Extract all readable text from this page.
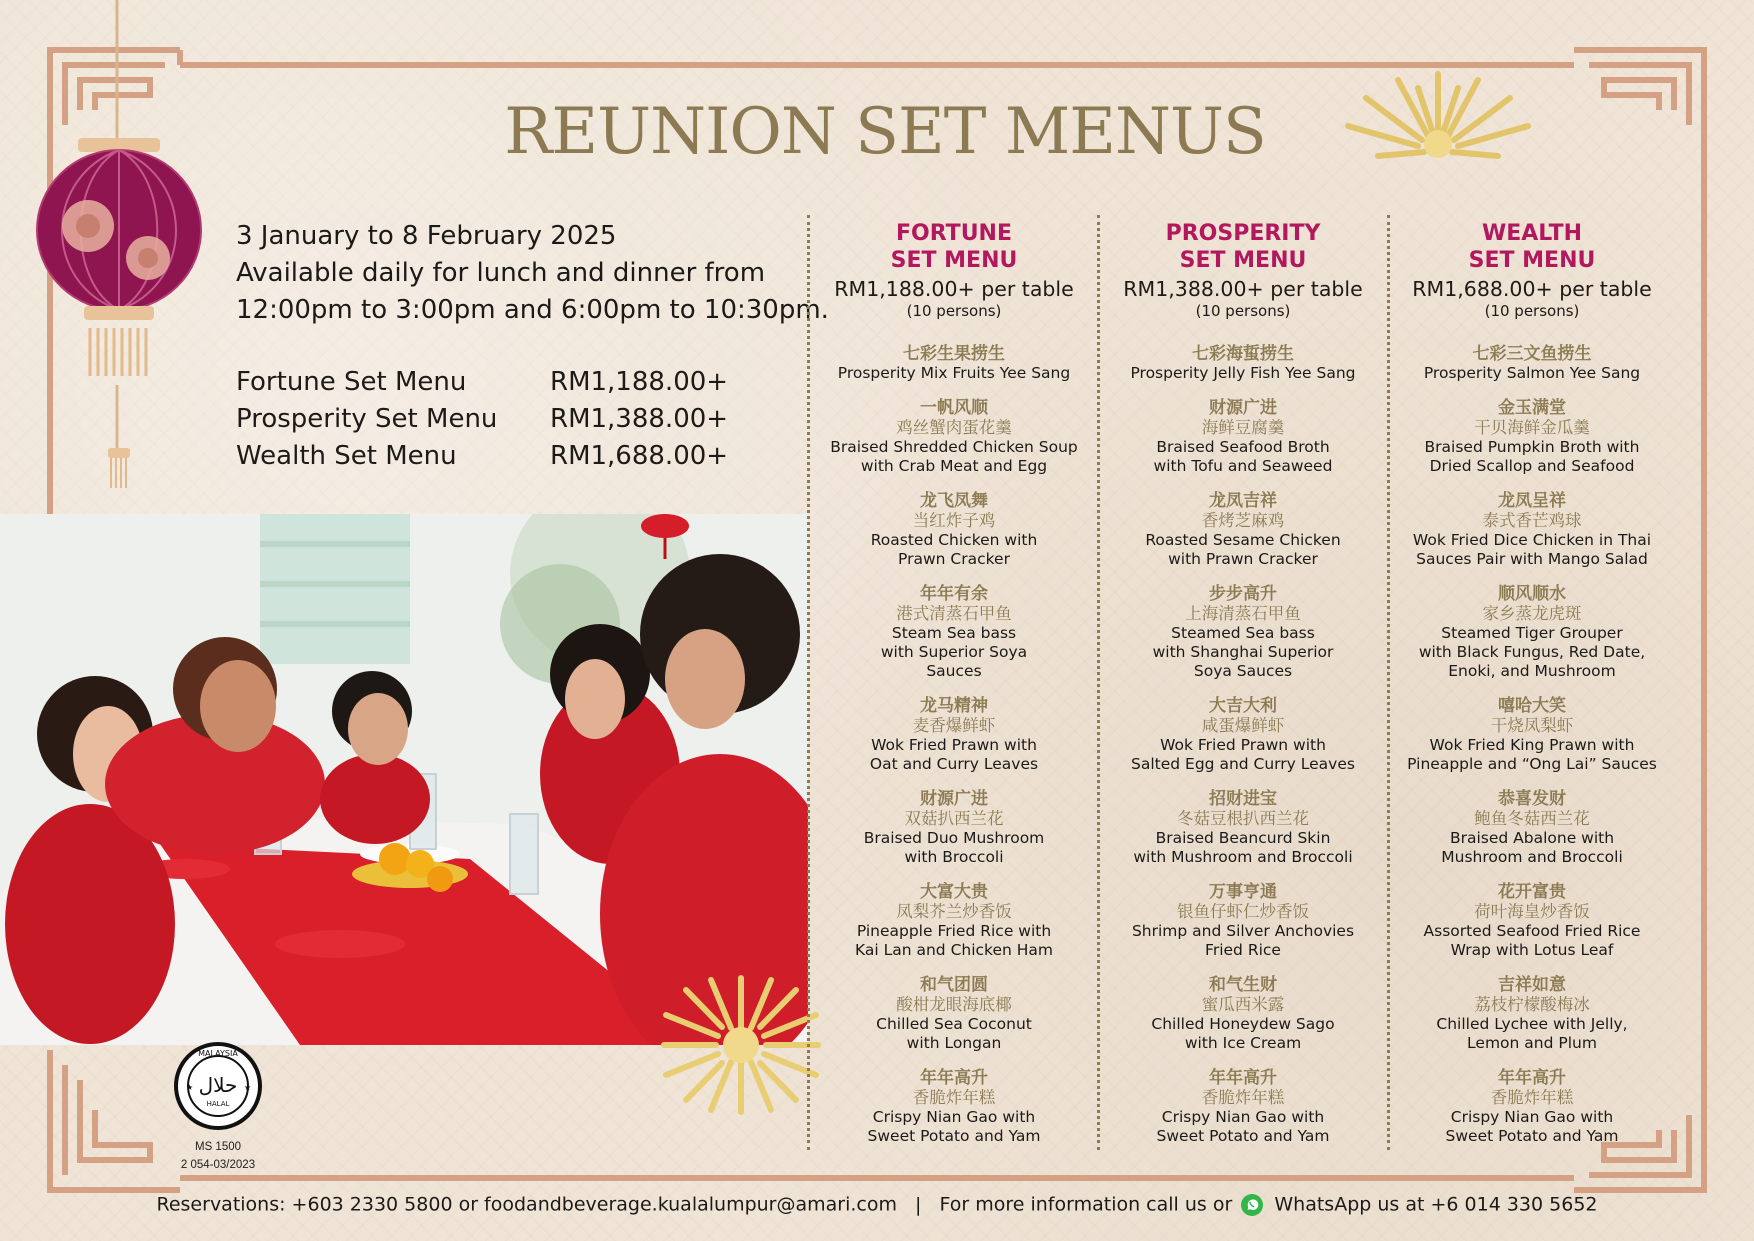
REUNION SET MENUS

3 January to 8 February 2025

Available daily for lunch and dinner from

12:00pm to 3:00pm and 6:00pm to 10:30pm.

Fortune Set Menu	RM1,188.00+
Prosperity Set Menu	RM1,388.00+
Wealth Set Menu	RM1,688.00+
FORTUNE
SET MENU
RM1,188.00+ per table
(10 persons)
七彩生果捞生
Prosperity Mix Fruits Yee Sang
一帆风顺
鸡丝蟹肉蛋花羹
Braised Shredded Chicken Soup
with Crab Meat and Egg
龙飞凤舞
当红炸子鸡
Roasted Chicken with
Prawn Cracker
年年有余
港式清蒸石甲鱼
Steam Sea bass
with Superior Soya
Sauces
龙马精神
麦香爆鲜虾
Wok Fried Prawn with
Oat and Curry Leaves
财源广进
双菇扒西兰花
Braised Duo Mushroom
with Broccoli
大富大贵
凤梨芥兰炒香饭
Pineapple Fried Rice with
Kai Lan and Chicken Ham
和气团圆
酸柑龙眼海底椰
Chilled Sea Coconut
with Longan
年年高升
香脆炸年糕
Crispy Nian Gao with
Sweet Potato and Yam
PROSPERITY
SET MENU
RM1,388.00+ per table
(10 persons)
七彩海蜇捞生
Prosperity Jelly Fish Yee Sang
财源广进
海鲜豆腐羹
Braised Seafood Broth
with Tofu and Seaweed
龙凤吉祥
香烤芝麻鸡
Roasted Sesame Chicken
with Prawn Cracker
步步高升
上海清蒸石甲鱼
Steamed Sea bass
with Shanghai Superior
Soya Sauces
大吉大利
咸蛋爆鲜虾
Wok Fried Prawn with
Salted Egg and Curry Leaves
招财进宝
冬菇豆根扒西兰花
Braised Beancurd Skin
with Mushroom and Broccoli
万事亨通
银鱼仔虾仁炒香饭
Shrimp and Silver Anchovies
Fried Rice
和气生财
蜜瓜西米露
Chilled Honeydew Sago
with Ice Cream
年年高升
香脆炸年糕
Crispy Nian Gao with
Sweet Potato and Yam
WEALTH
SET MENU
RM1,688.00+ per table
(10 persons)
七彩三文鱼捞生
Prosperity Salmon Yee Sang
金玉满堂
干贝海鲜金瓜羹
Braised Pumpkin Broth with
Dried Scallop and Seafood
龙凤呈祥
泰式香芒鸡球
Wok Fried Dice Chicken in Thai
Sauces Pair with Mango Salad
顺风顺水
家乡蒸龙虎斑
Steamed Tiger Grouper
with Black Fungus, Red Date,
Enoki, and Mushroom
嘻哈大笑
干烧凤梨虾
Wok Fried King Prawn with
Pineapple and “Ong Lai” Sauces
恭喜发财
鲍鱼冬菇西兰花
Braised Abalone with
Mushroom and Broccoli
花开富贵
荷叶海皇炒香饭
Assorted Seafood Fried Rice
Wrap with Lotus Leaf
吉祥如意
荔枝柠檬酸梅冰
Chilled Lychee with Jelly,
Lemon and Plum
年年高升
香脆炸年糕
Crispy Nian Gao with
Sweet Potato and Yam
MALAYSIA
حلال
HALAL
★	★
MS 1500
2 054-03/2023
Reservations: +603 2330 5800 or foodandbeverage.kualalumpur@amari.com | For more information call us or WhatsApp us at +6 014 330 5652
